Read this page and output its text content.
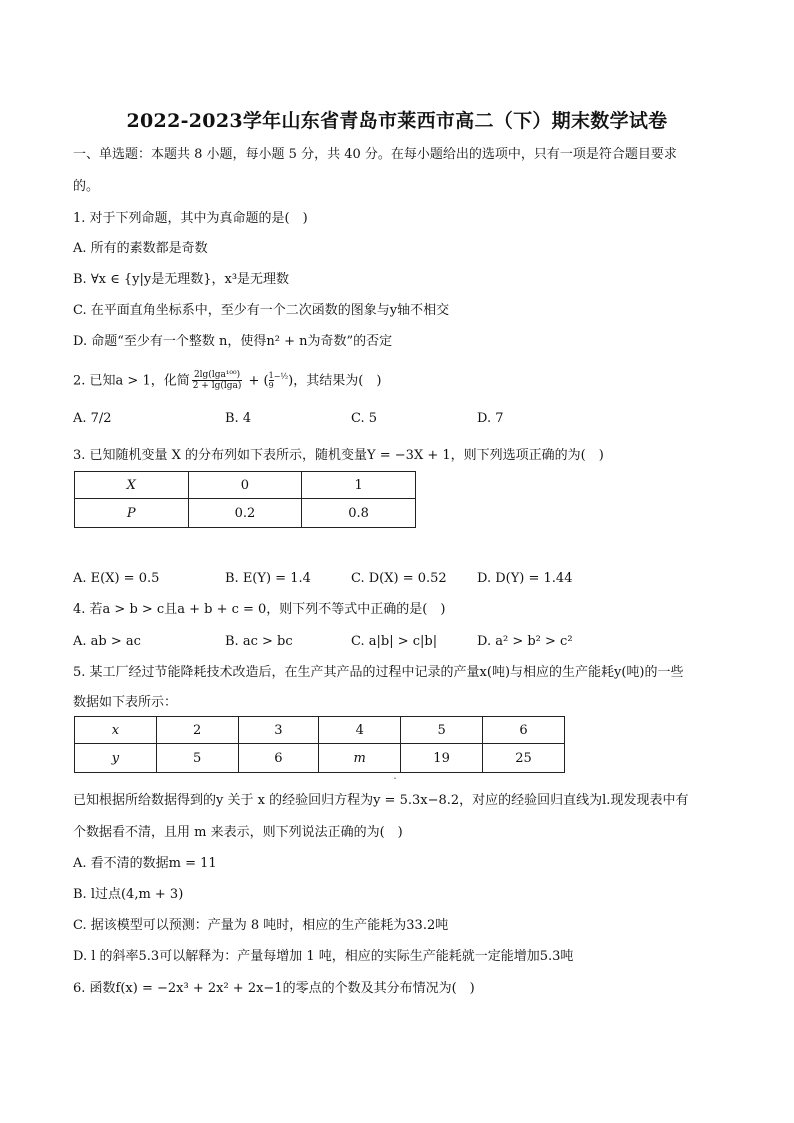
2022-2023学年山东省青岛市莱西市高二（下）期末数学试卷
一、单选题：本题共 8 小题，每小题 5 分，共 40 分。在每小题给出的选项中，只有一项是符合题目要求
的。
1. 对于下列命题，其中为真命题的是(　)
A. 所有的素数都是奇数
B. ∀x ∈ {y|y是无理数}，x³是无理数
C. 在平面直角坐标系中，至少有一个二次函数的图象与y轴不相交
D. 命题“至少有一个整数 n，使得n² + n为奇数”的否定
2. 已知a > 1，化简 $\frac{\text{2lg(lga¹⁰⁰)}}{2 + \lg(\lg a)}$ + ( $\frac{1}{9} ^{-\frac{1}{2}}$)，其结果为(　)
A. 7/2	B. 4	C. 5	D. 7
3. 已知随机变量 X 的分布列如下表所示，随机变量Y = −3X + 1，则下列选项正确的为(　)
X	0	1
P	0.2	0.8
A. E(X) = 0.5	B. E(Y) = 1.4	C. D(X) = 0.52 D. D(Y) = 1.44
4. 若a > b > c且a + b + c = 0，则下列不等式中正确的是(　)
A. ab > ac	B. ac > bc	C. a|b| > c|b|	D. a² > b² > c²
5. 某工厂经过节能降耗技术改造后，在生产其产品的过程中记录的产量x(吨)与相应的生产能耗y(吨)的一些
数据如下表所示：
x	2	3	4	5	6
y	5	6	m	19	25
ˆ
已知根据所给数据得到的y 关于 x 的经验回归方程为y = 5.3x−8.2，对应的经验回归直线为l.现发现表中有
个数据看不清，且用 m 来表示，则下列说法正确的为(　)
A. 看不清的数据m = 11
B. l过点(4,m + 3)
C. 据该模型可以预测：产量为 8 吨时，相应的生产能耗为33.2吨
D. l 的斜率5.3可以解释为：产量每增加 1 吨，相应的实际生产能耗就一定能增加5.3吨
6. 函数f(x) = −2x³ + 2x² + 2x−1的零点的个数及其分布情况为(　)
